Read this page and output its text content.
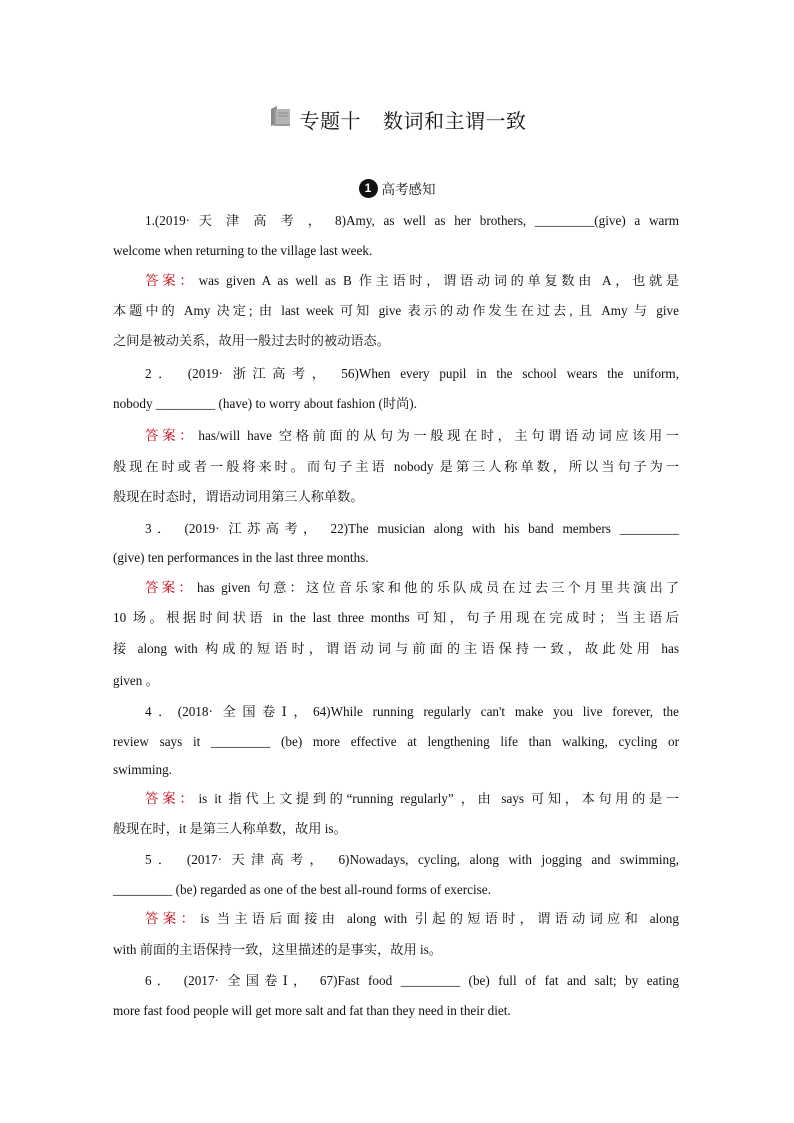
专题十 数词和主谓一致
1 高考感知
1.(2019· 天 津 高 考 ， 8)Amy, as well as her brothers, _________(give) a warm
welcome when returning to the village last week.
答案： was given A as well as B 作主语时，谓语动词的单复数由 A，也就是
本题中的 Amy 决定; 由 last week 可知 give 表示的动作发生在过去, 且 Amy 与 give
之间是被动关系，故用一般过去时的被动语态。
2． (2019· 浙江高考， 56)When every pupil in the school wears the uniform,
nobody _________ (have) to worry about fashion (时尚).
答案： has/will have 空格前面的从句为一般现在时，主句谓语动词应该用一
般现在时或者一般将来时。而句子主语 nobody 是第三人称单数，所以当句子为一
般现在时态时，谓语动词用第三人称单数。
3． (2019· 江苏高考， 22)The musician along with his band members _________
(give) ten performances in the last three months.
答案： has given 句意：这位音乐家和他的乐队成员在过去三个月里共演出了
10 场。根据时间状语 in the last three months 可知，句子用现在完成时；当主语后
接 along with 构成的短语时，谓语动词与前面的主语保持一致，故此处用 has
given 。
4．(2018· 全国卷Ⅰ，64)While running regularly can't make you live forever, the
review says it _________ (be) more effective at lengthening life than walking, cycling or
swimming.
答案： is it 指代上文提到的“running regularly” ，由 says 可知，本句用的是一
般现在时，it 是第三人称单数，故用 is。
5． (2017· 天津高考， 6)Nowadays, cycling, along with jogging and swimming,
_________ (be) regarded as one of the best all-round forms of exercise.
答案： is 当主语后面接由 along with 引起的短语时，谓语动词应和 along
with 前面的主语保持一致，这里描述的是事实，故用 is。
6． (2017· 全国卷Ⅰ， 67)Fast food _________ (be) full of fat and salt; by eating
more fast food people will get more salt and fat than they need in their diet.
